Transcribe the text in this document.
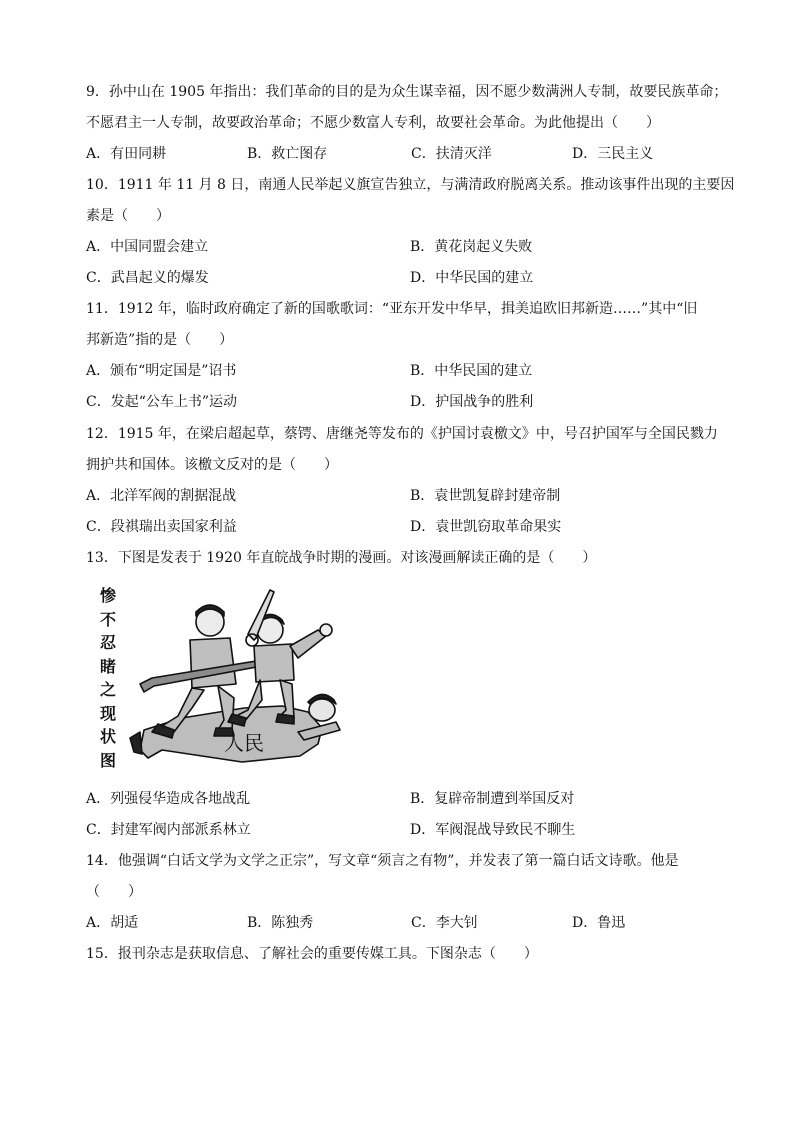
9．孙中山在 1905 年指出：我们革命的目的是为众生谋幸福，因不愿少数满洲人专制，故要民族革命；
不愿君主一人专制，故要政治革命；不愿少数富人专利，故要社会革命。为此他提出（　　）
A．有田同耕	B．救亡图存	C．扶清灭洋	D．三民主义
10．1911 年 11 月 8 日，南通人民举起义旗宣告独立，与满清政府脱离关系。推动该事件出现的主要因
素是（　　）
A．中国同盟会建立	B．黄花岗起义失败
C．武昌起义的爆发	D．中华民国的建立
11．1912 年，临时政府确定了新的国歌歌词：“亚东开发中华早，揖美追欧旧邦新造……”其中“旧
邦新造”指的是（　　）
A．颁布“明定国是”诏书	B．中华民国的建立
C．发起“公车上书”运动	D．护国战争的胜利
12．1915 年，在梁启超起草，蔡锷、唐继尧等发布的《护国讨袁檄文》中，号召护国军与全国民戮力
拥护共和国体。该檄文反对的是（　　）
A．北洋军阀的割据混战	B．袁世凯复辟封建帝制
C．段祺瑞出卖国家利益	D．袁世凯窃取革命果实
13．下图是发表于 1920 年直皖战争时期的漫画。对该漫画解读正确的是（　　）
惨
不
忍
睹
之
现
状
图
人民
A．列强侵华造成各地战乱	B．复辟帝制遭到举国反对
C．封建军阀内部派系林立	D．军阀混战导致民不聊生
14．他强调“白话文学为文学之正宗”，写文章“须言之有物”，并发表了第一篇白话文诗歌。他是
（　　）
A．胡适	B．陈独秀	C．李大钊	D．鲁迅
15．报刊杂志是获取信息、了解社会的重要传媒工具。下图杂志（　　）
